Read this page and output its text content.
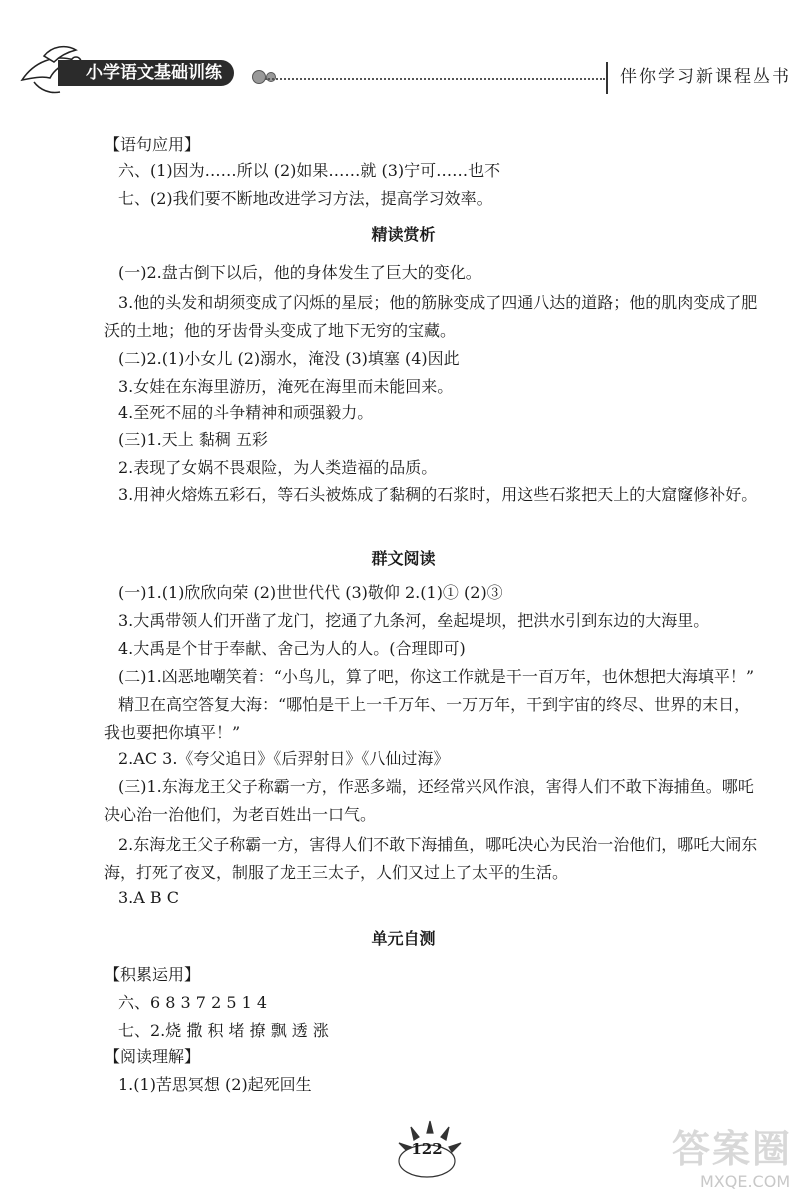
小学语文基础训练	伴你学习新课程丛书
【语句应用】
六、(1)因为……所以 (2)如果……就 (3)宁可……也不
七、(2)我们要不断地改进学习方法，提高学习效率。
精读赏析
(一)2.盘古倒下以后，他的身体发生了巨大的变化。
3.他的头发和胡须变成了闪烁的星辰；他的筋脉变成了四通八达的道路；他的肌肉变成了肥
沃的土地；他的牙齿骨头变成了地下无穷的宝藏。
(二)2.(1)小女儿 (2)溺水，淹没 (3)填塞 (4)因此
3.女娃在东海里游历，淹死在海里而未能回来。
4.至死不屈的斗争精神和顽强毅力。
(三)1.天上 黏稠 五彩
2.表现了女娲不畏艰险，为人类造福的品质。
3.用神火熔炼五彩石，等石头被炼成了黏稠的石浆时，用这些石浆把天上的大窟窿修补好。
群文阅读
(一)1.(1)欣欣向荣 (2)世世代代 (3)敬仰 2.(1)① (2)③
3.大禹带领人们开凿了龙门，挖通了九条河，垒起堤坝，把洪水引到东边的大海里。
4.大禹是个甘于奉献、舍己为人的人。(合理即可)
(二)1.凶恶地嘲笑着：“小鸟儿，算了吧，你这工作就是干一百万年，也休想把大海填平！”
精卫在高空答复大海：“哪怕是干上一千万年、一万万年，干到宇宙的终尽、世界的末日，
我也要把你填平！”
2.AC 3.《夸父追日》《后羿射日》《八仙过海》
(三)1.东海龙王父子称霸一方，作恶多端，还经常兴风作浪，害得人们不敢下海捕鱼。哪吒
决心治一治他们，为老百姓出一口气。
2.东海龙王父子称霸一方，害得人们不敢下海捕鱼，哪吒决心为民治一治他们，哪吒大闹东
海，打死了夜叉，制服了龙王三太子，人们又过上了太平的生活。
3.A B C
单元自测
【积累运用】
六、6 8 3 7 2 5 1 4
七、2.烧 撒 积 堵 撩 飘 透 涨
【阅读理解】
1.(1)苦思冥想 (2)起死回生
122	答案圈
MXQE.COM
